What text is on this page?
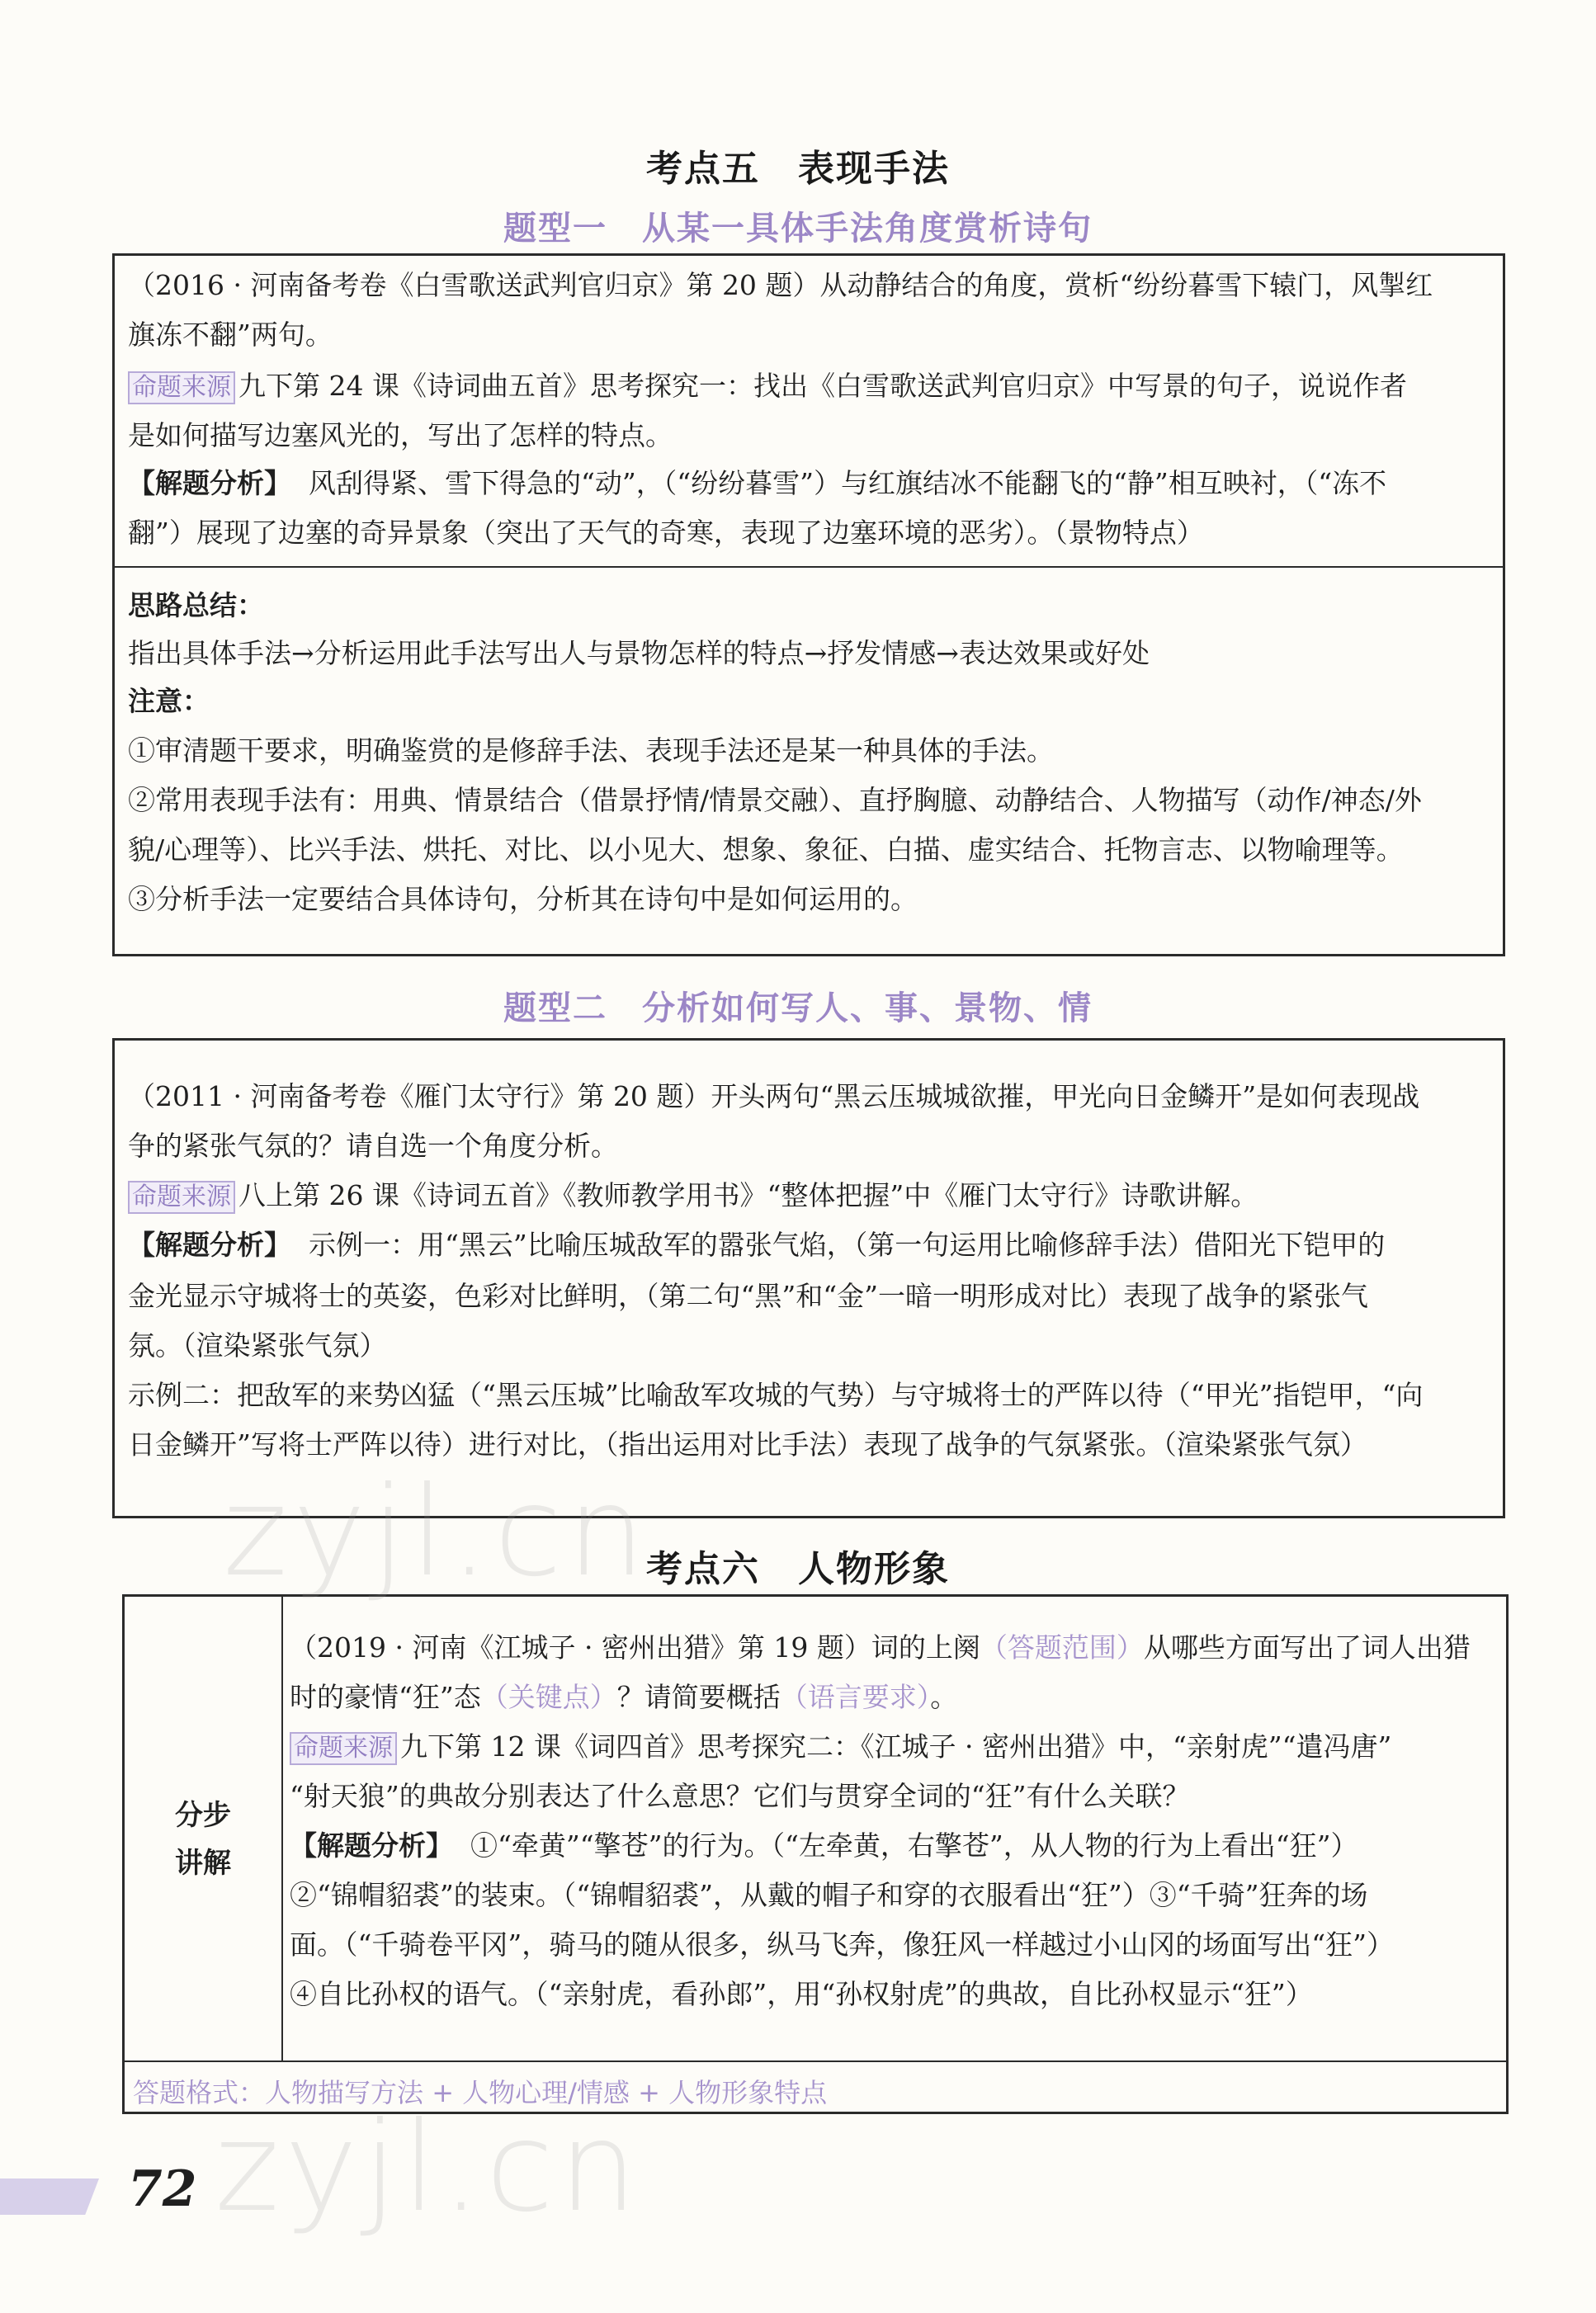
考点五　表现手法
题型一　从某一具体手法角度赏析诗句
（2016 · 河南备考卷《白雪歌送武判官归京》第 20 题）从动静结合的角度，赏析“纷纷暮雪下辕门，风掣红
旗冻不翻”两句。
命题来源 九下第 24 课《诗词曲五首》思考探究一：找出《白雪歌送武判官归京》中写景的句子，说说作者
是如何描写边塞风光的，写出了怎样的特点。
【解题分析】 风刮得紧、雪下得急的“动”，（“纷纷暮雪”）与红旗结冰不能翻飞的“静”相互映衬，（“冻不
翻”）展现了边塞的奇异景象（突出了天气的奇寒，表现了边塞环境的恶劣）。（景物特点）
思路总结：
指出具体手法→分析运用此手法写出人与景物怎样的特点→抒发情感→表达效果或好处
注意：
①审清题干要求，明确鉴赏的是修辞手法、表现手法还是某一种具体的手法。
②常用表现手法有：用典、情景结合（借景抒情/情景交融）、直抒胸臆、动静结合、人物描写（动作/神态/外
貌/心理等）、比兴手法、烘托、对比、以小见大、想象、象征、白描、虚实结合、托物言志、以物喻理等。
③分析手法一定要结合具体诗句，分析其在诗句中是如何运用的。
题型二　分析如何写人、事、景物、情
（2011 · 河南备考卷《雁门太守行》第 20 题）开头两句“黑云压城城欲摧，甲光向日金鳞开”是如何表现战
争的紧张气氛的？请自选一个角度分析。
命题来源 八上第 26 课《诗词五首》《教师教学用书》“整体把握”中《雁门太守行》诗歌讲解。
【解题分析】 示例一：用“黑云”比喻压城敌军的嚣张气焰，（第一句运用比喻修辞手法）借阳光下铠甲的
金光显示守城将士的英姿，色彩对比鲜明，（第二句“黑”和“金”一暗一明形成对比）表现了战争的紧张气
氛。（渲染紧张气氛）
示例二：把敌军的来势凶猛（“黑云压城”比喻敌军攻城的气势）与守城将士的严阵以待（“甲光”指铠甲，“向
日金鳞开”写将士严阵以待）进行对比，（指出运用对比手法）表现了战争的气氛紧张。（渲染紧张气氛）
考点六　人物形象
分步
讲解
（2019 · 河南《江城子 · 密州出猎》第 19 题）词的上阕（答题范围）从哪些方面写出了词人出猎
时的豪情“狂”态（关键点）？请简要概括（语言要求）。
命题来源 九下第 12 课《词四首》思考探究二：《江城子 · 密州出猎》中，“亲射虎”“遣冯唐”
“射天狼”的典故分别表达了什么意思？它们与贯穿全词的“狂”有什么关联？
【解题分析】 ①“牵黄”“擎苍”的行为。（“左牵黄，右擎苍”，从人物的行为上看出“狂”）
②“锦帽貂裘”的装束。（“锦帽貂裘”，从戴的帽子和穿的衣服看出“狂”）③“千骑”狂奔的场
面。（“千骑卷平冈”，骑马的随从很多，纵马飞奔，像狂风一样越过小山冈的场面写出“狂”）
④自比孙权的语气。（“亲射虎，看孙郎”，用“孙权射虎”的典故，自比孙权显示“狂”）
答题格式：人物描写方法 + 人物心理/情感 + 人物形象特点
zyjl.cn
zyjl.cn
72
